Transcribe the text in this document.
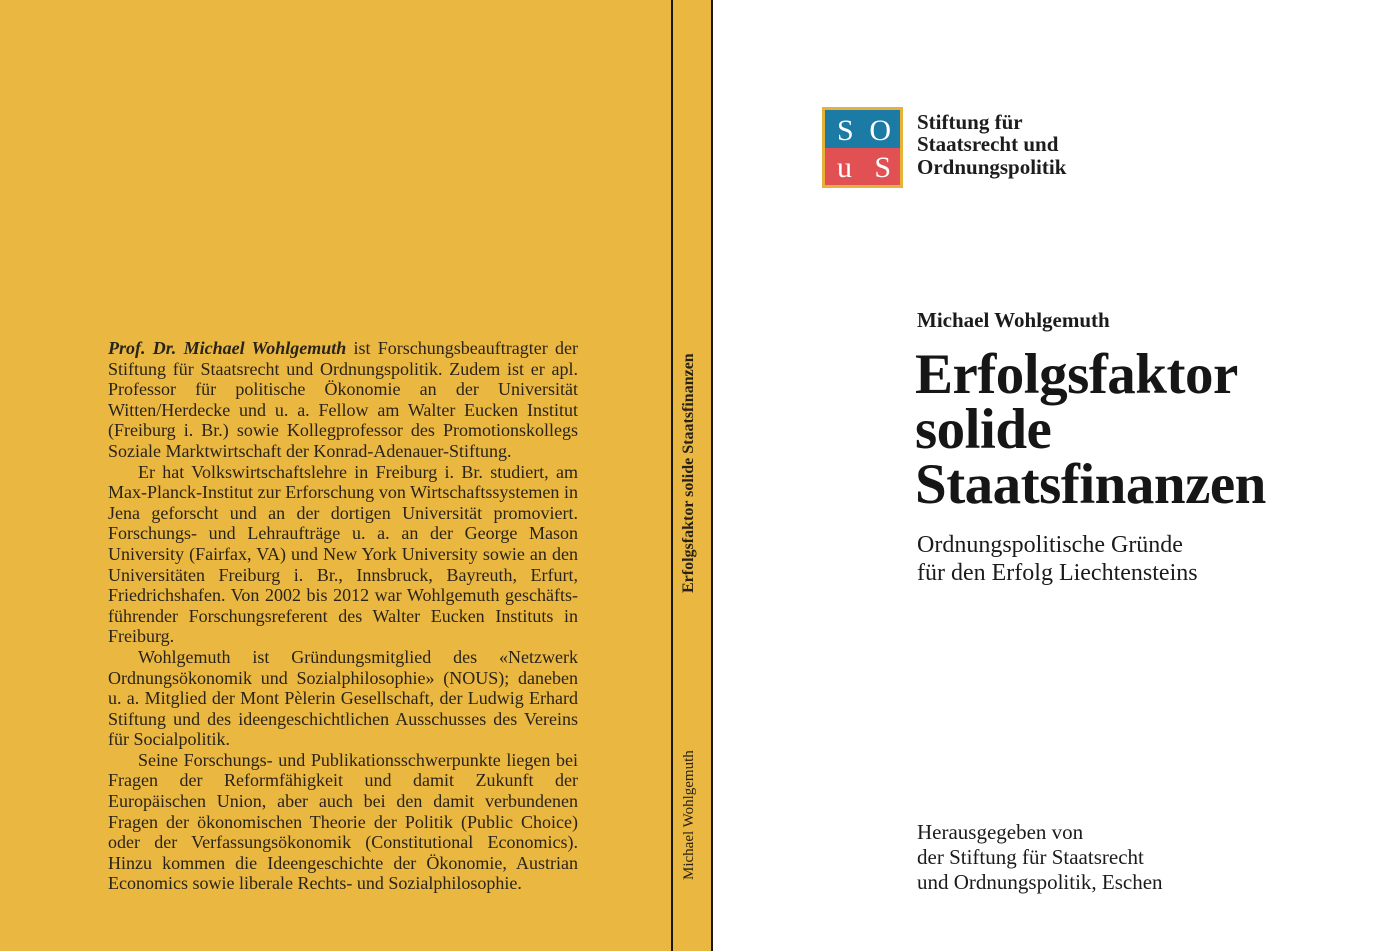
Prof. Dr. Michael Wohlgemuth ist Forschungsbeauftragter der Stiftung für Staatsrecht und Ordnungspolitik. Zudem ist er apl. Professor für politische Ökonomie an der Universität Witten/Herdecke und u. a. Fellow am Walter Eucken Institut (Freiburg i. Br.) sowie Kollegprofessor des Promotionskollegs Soziale Marktwirtschaft der Konrad-Adenauer-Stiftung.

Er hat Volkswirtschaftslehre in Freiburg i. Br. studiert, am Max-Planck-Institut zur Erforschung von Wirtschaftssystemen in Jena geforscht und an der dortigen Universität promoviert. Forschungs- und Lehraufträge u. a. an der George Mason University (Fairfax, VA) und New York University sowie an den Universitäten Freiburg i. Br., Innsbruck, Bayreuth, Erfurt, Friedrichshafen. Von 2002 bis 2012 war Wohlgemuth geschäftsführender Forschungsreferent des Walter Eucken Instituts in Freiburg.

Wohlgemuth ist Gründungsmitglied des «Netzwerk Ordnungsökonomik und Sozialphilosophie» (NOUS); daneben u. a. Mitglied der Mont Pèlerin Gesellschaft, der Ludwig Erhard Stiftung und des ideengeschichtlichen Ausschusses des Vereins für Socialpolitik.

Seine Forschungs- und Publikationsschwerpunkte liegen bei Fragen der Reformfähigkeit und damit Zukunft der Europäischen Union, aber auch bei den damit verbundenen Fragen der ökonomischen Theorie der Politik (Public Choice) oder der Verfassungsökonomik (Constitutional Economics). Hinzu kommen die Ideengeschichte der Ökonomie, Austrian Economics sowie liberale Rechts- und Sozialphilosophie.

Erfolgsfaktor solide Staatsfinanzen
Michael Wohlgemuth
S O
u S
Stiftung für
Staatsrecht und
Ordnungspolitik
Michael Wohlgemuth
Erfolgsfaktor
solide
Staatsfinanzen
Ordnungspolitische Gründe
für den Erfolg Liechtensteins
Herausgegeben von
der Stiftung für Staatsrecht
und Ordnungspolitik, Eschen
